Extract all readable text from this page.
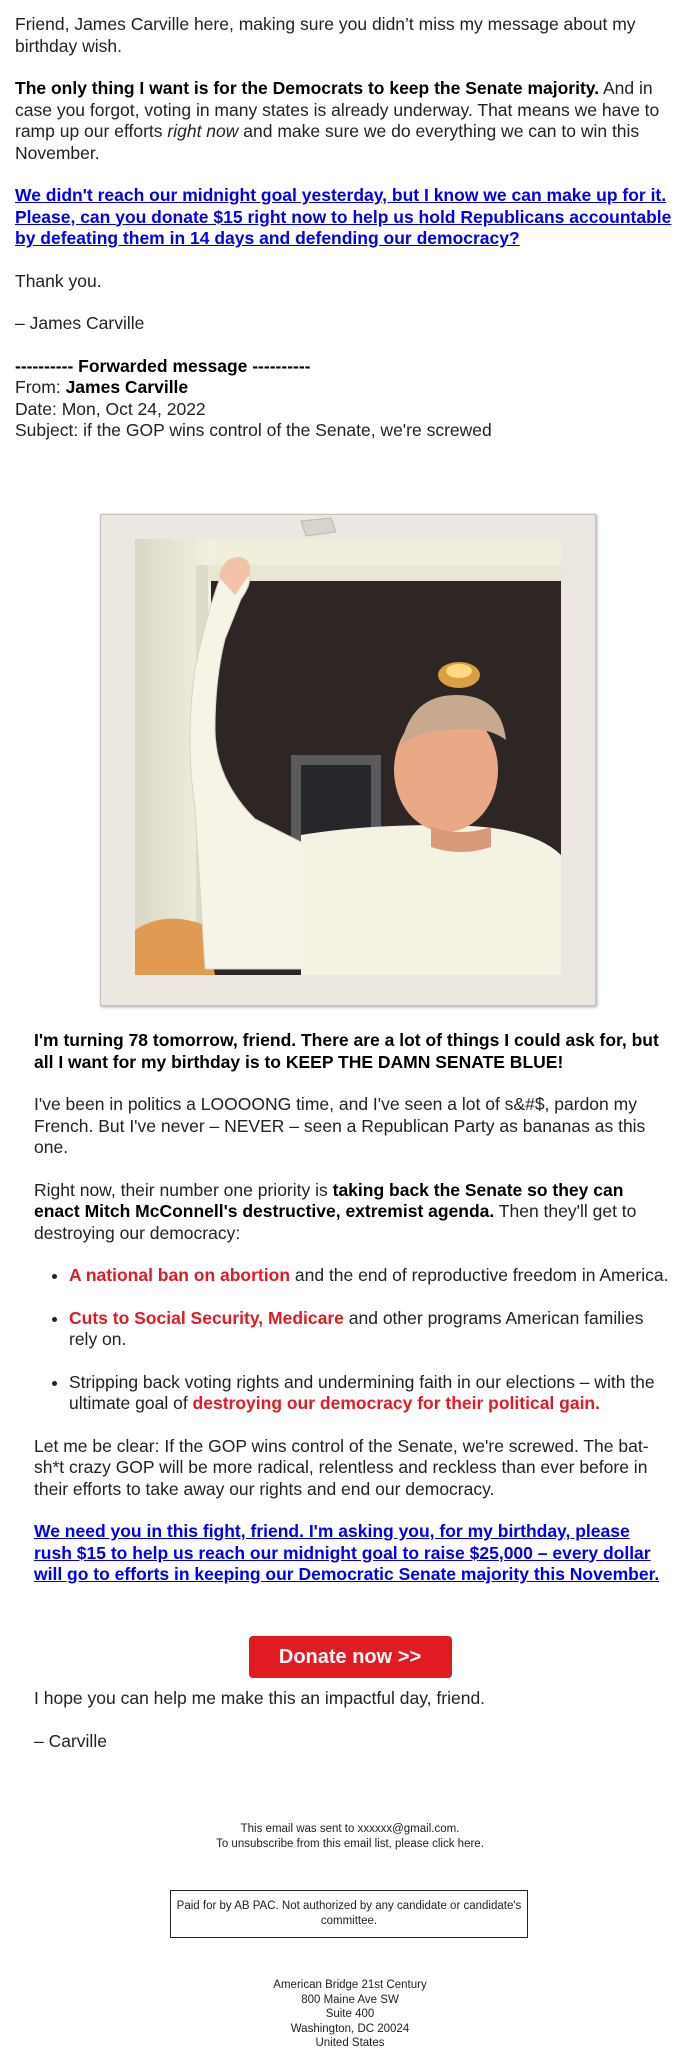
Friend, James Carville here, making sure you didn’t miss my message about my birthday wish.

The only thing I want is for the Democrats to keep the Senate majority. And in case you forgot, voting in many states is already underway. That means we have to ramp up our efforts right now and make sure we do everything we can to win this November.

We didn't reach our midnight goal yesterday, but I know we can make up for it. Please, can you donate $15 right now to help us hold Republicans accountable by defeating them in 14 days and defending our democracy?

Thank you.

– James Carville

---------- Forwarded message ----------
From: James Carville
Date: Mon, Oct 24, 2022
Subject: if the GOP wins control of the Senate, we're screwed

I'm turning 78 tomorrow, friend. There are a lot of things I could ask for, but all I want for my birthday is to KEEP THE DAMN SENATE BLUE!

I've been in politics a LOOOONG time, and I've seen a lot of s&#$, pardon my French. But I've never – NEVER – seen a Republican Party as bananas as this one.

Right now, their number one priority is taking back the Senate so they can enact Mitch McConnell's destructive, extremist agenda. Then they'll get to destroying our democracy:

• A national ban on abortion and the end of reproductive freedom in America.
• Cuts to Social Security, Medicare and other programs American families rely on.
• Stripping back voting rights and undermining faith in our elections – with the ultimate goal of destroying our democracy for their political gain.

Let me be clear: If the GOP wins control of the Senate, we're screwed. The bat-sh*t crazy GOP will be more radical, relentless and reckless than ever before in their efforts to take away our rights and end our democracy.

We need you in this fight, friend. I'm asking you, for my birthday, please rush $15 to help us reach our midnight goal to raise $25,000 – every dollar will go to efforts in keeping our Democratic Senate majority this November.

Donate now >>

I hope you can help me make this an impactful day, friend.

– Carville

This email was sent to xxxxxx@gmail.com.
To unsubscribe from this email list, please click here.
Paid for by AB PAC. Not authorized by any candidate or candidate's committee.
American Bridge 21st Century
800 Maine Ave SW
Suite 400
Washington, DC 20024
United States
